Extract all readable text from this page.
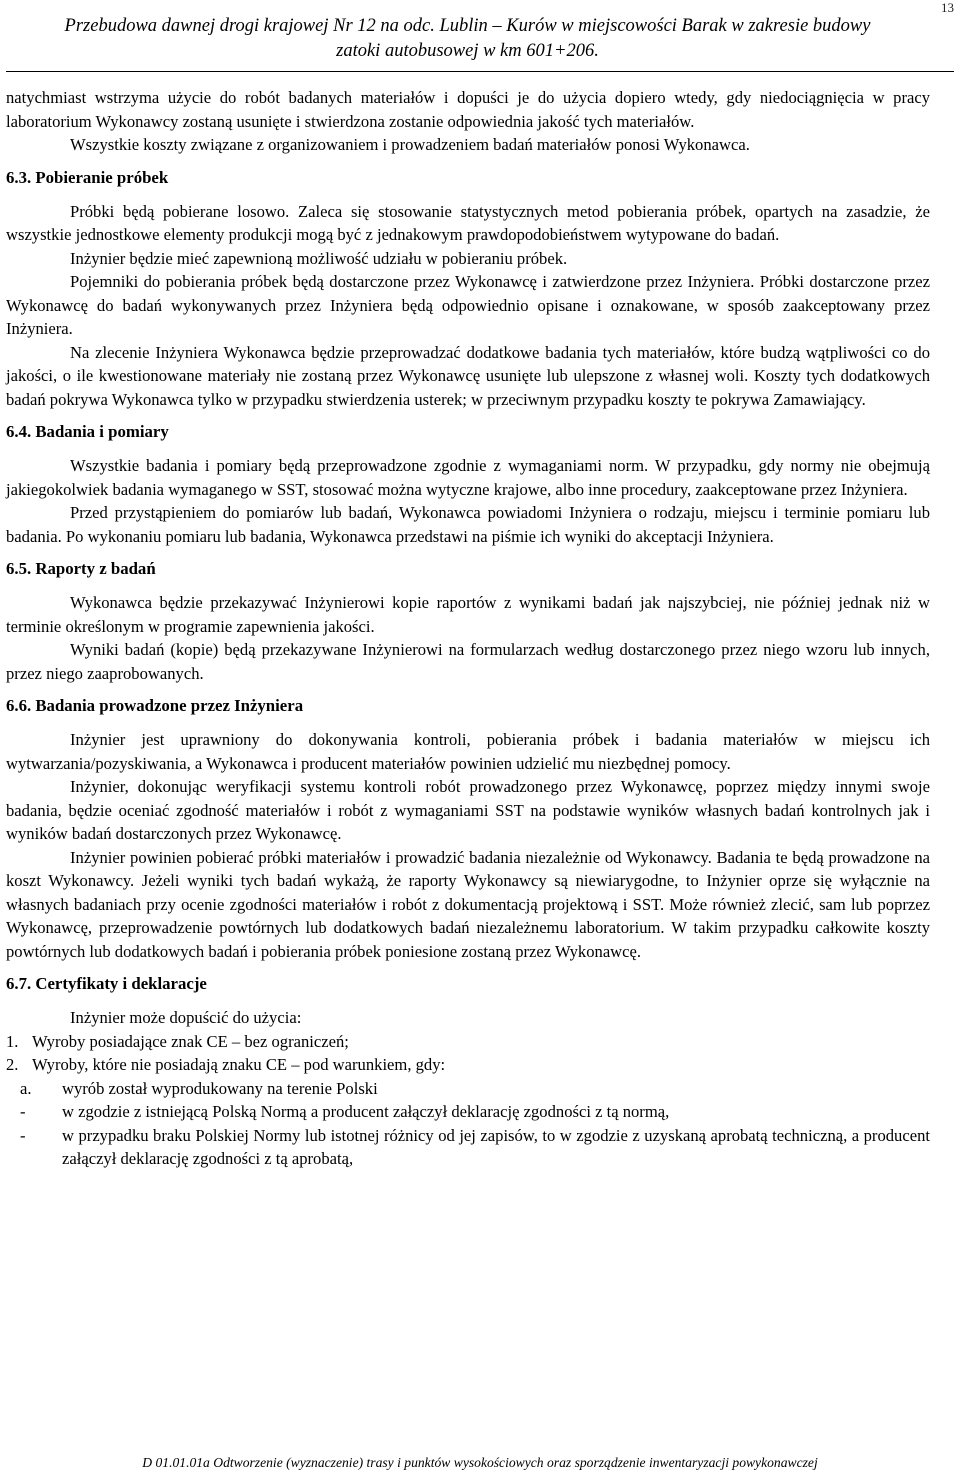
13
Przebudowa dawnej drogi krajowej Nr 12 na odc. Lublin – Kurów w miejscowości Barak w zakresie budowy
zatoki autobusowej w km 601+206.

natychmiast wstrzyma użycie do robót badanych materiałów i dopuści je do użycia dopiero wtedy, gdy niedociągnięcia w pracy laboratorium Wykonawcy zostaną usunięte i stwierdzona zostanie odpowiednia jakość tych materiałów.

Wszystkie koszty związane z organizowaniem i prowadzeniem badań materiałów ponosi Wykonawca.

6.3. Pobieranie próbek

Próbki będą pobierane losowo. Zaleca się stosowanie statystycznych metod pobierania próbek, opartych na zasadzie, że wszystkie jednostkowe elementy produkcji mogą być z jednakowym prawdopodobieństwem wytypowane do badań.

Inżynier będzie mieć zapewnioną możliwość udziału w pobieraniu próbek.

Pojemniki do pobierania próbek będą dostarczone przez Wykonawcę i zatwierdzone przez Inżyniera. Próbki dostarczone przez Wykonawcę do badań wykonywanych przez Inżyniera będą odpowiednio opisane i oznakowane, w sposób zaakceptowany przez Inżyniera.

Na zlecenie Inżyniera Wykonawca będzie przeprowadzać dodatkowe badania tych materiałów, które budzą wątpliwości co do jakości, o ile kwestionowane materiały nie zostaną przez Wykonawcę usunięte lub ulepszone z własnej woli. Koszty tych dodatkowych badań pokrywa Wykonawca tylko w przypadku stwierdzenia usterek; w przeciwnym przypadku koszty te pokrywa Zamawiający.

6.4. Badania i pomiary

Wszystkie badania i pomiary będą przeprowadzone zgodnie z wymaganiami norm. W przypadku, gdy normy nie obejmują jakiegokolwiek badania wymaganego w SST, stosować można wytyczne krajowe, albo inne procedury, zaakceptowane przez Inżyniera.

Przed przystąpieniem do pomiarów lub badań, Wykonawca powiadomi Inżyniera o rodzaju, miejscu i terminie pomiaru lub badania. Po wykonaniu pomiaru lub badania, Wykonawca przedstawi na piśmie ich wyniki do akceptacji Inżyniera.

6.5. Raporty z badań

Wykonawca będzie przekazywać Inżynierowi kopie raportów z wynikami badań jak najszybciej, nie później jednak niż w terminie określonym w programie zapewnienia jakości.

Wyniki badań (kopie) będą przekazywane Inżynierowi na formularzach według dostarczonego przez niego wzoru lub innych, przez niego zaaprobowanych.

6.6. Badania prowadzone przez Inżyniera

Inżynier jest uprawniony do dokonywania kontroli, pobierania próbek i badania materiałów w miejscu ich wytwarzania/pozyskiwania, a Wykonawca i producent materiałów powinien udzielić mu niezbędnej pomocy.

Inżynier, dokonując weryfikacji systemu kontroli robót prowadzonego przez Wykonawcę, poprzez między innymi swoje badania, będzie oceniać zgodność materiałów i robót z wymaganiami SST na podstawie wyników własnych badań kontrolnych jak i wyników badań dostarczonych przez Wykonawcę.

Inżynier powinien pobierać próbki materiałów i prowadzić badania niezależnie od Wykonawcy. Badania te będą prowadzone na koszt Wykonawcy. Jeżeli wyniki tych badań wykażą, że raporty Wykonawcy są niewiarygodne, to Inżynier oprze się wyłącznie na własnych badaniach przy ocenie zgodności materiałów i robót z dokumentacją projektową i SST. Może również zlecić, sam lub poprzez Wykonawcę, przeprowadzenie powtórnych lub dodatkowych badań niezależnemu laboratorium. W takim przypadku całkowite koszty powtórnych lub dodatkowych badań i pobierania próbek poniesione zostaną przez Wykonawcę.

6.7. Certyfikaty i deklaracje

Inżynier może dopuścić do użycia:

1. Wyroby posiadające znak CE – bez ograniczeń;
2. Wyroby, które nie posiadają znaku CE – pod warunkiem, gdy:
a. wyrób został wyprodukowany na terenie Polski
- w zgodzie z istniejącą Polską Normą a producent załączył deklarację zgodności z tą normą,
- w przypadku braku Polskiej Normy lub istotnej różnicy od jej zapisów, to w zgodzie z uzyskaną aprobatą techniczną, a producent załączył deklarację zgodności z tą aprobatą,
D 01.01.01a Odtworzenie (wyznaczenie) trasy i punktów wysokościowych oraz sporządzenie inwentaryzacji powykonawczej
